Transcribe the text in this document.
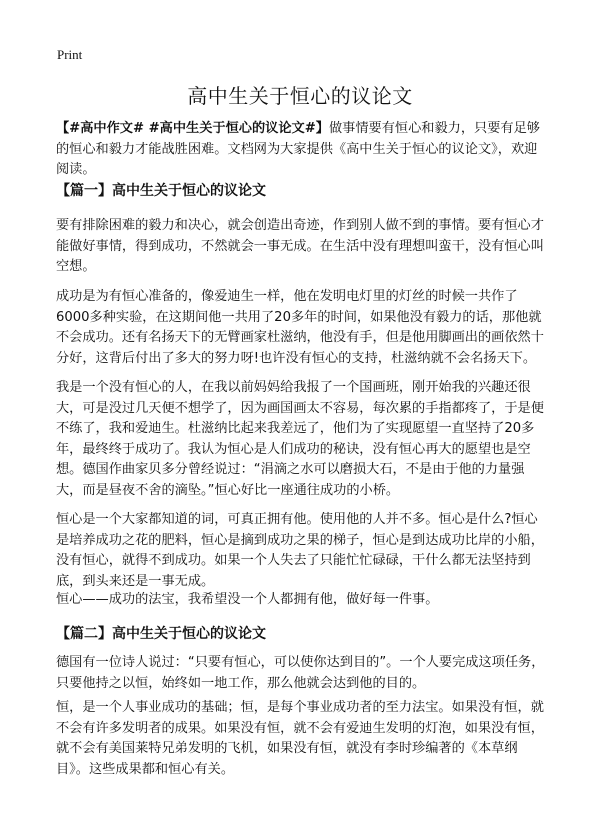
Print
高中生关于恒心的议论文

【#高中作文# #高中生关于恒心的议论文#】做事情要有恒心和毅力，只要有足够的恒心和毅力才能战胜困难。文档网为大家提供《高中生关于恒心的议论文》，欢迎阅读。

【篇一】高中生关于恒心的议论文

要有排除困难的毅力和决心，就会创造出奇迹，作到别人做不到的事情。要有恒心才能做好事情，得到成功，不然就会一事无成。在生活中没有理想叫蛮干，没有恒心叫空想。

成功是为有恒心准备的，像爱迪生一样，他在发明电灯里的灯丝的时候一共作了6000多种实验，在这期间他一共用了20多年的时间，如果他没有毅力的话，那他就不会成功。还有名扬天下的无臂画家杜滋纳，他没有手，但是他用脚画出的画依然十分好，这背后付出了多大的努力呀!也许没有恒心的支持，杜滋纳就不会名扬天下。

我是一个没有恒心的人，在我以前妈妈给我报了一个国画班，刚开始我的兴趣还很大，可是没过几天便不想学了，因为画国画太不容易，每次累的手指都疼了，于是便不练了，我和爱迪生。杜滋纳比起来我差远了，他们为了实现愿望一直坚持了20多年，最终终于成功了。我认为恒心是人们成功的秘诀，没有恒心再大的愿望也是空想。德国作曲家贝多分曾经说过：“涓滴之水可以磨损大石，不是由于他的力量强大，而是昼夜不舍的滴坠。”恒心好比一座通往成功的小桥。

恒心是一个大家都知道的词，可真正拥有他。使用他的人并不多。恒心是什么?恒心是培养成功之花的肥料，恒心是摘到成功之果的梯子，恒心是到达成功比岸的小船，没有恒心，就得不到成功。如果一个人失去了只能忙忙碌碌，干什么都无法坚持到底，到头来还是一事无成。

恒心——成功的法宝，我希望没一个人都拥有他，做好每一件事。

【篇二】高中生关于恒心的议论文

德国有一位诗人说过：“只要有恒心，可以使你达到目的”。一个人要完成这项任务，只要他持之以恒，始终如一地工作，那么他就会达到他的目的。

恒，是一个人事业成功的基础；恒，是每个事业成功者的至力法宝。如果没有恒，就不会有许多发明者的成果。如果没有恒，就不会有爱迪生发明的灯泡，如果没有恒，就不会有美国莱特兄弟发明的飞机，如果没有恒，就没有李时珍编著的《本草纲目》。这些成果都和恒心有关。
